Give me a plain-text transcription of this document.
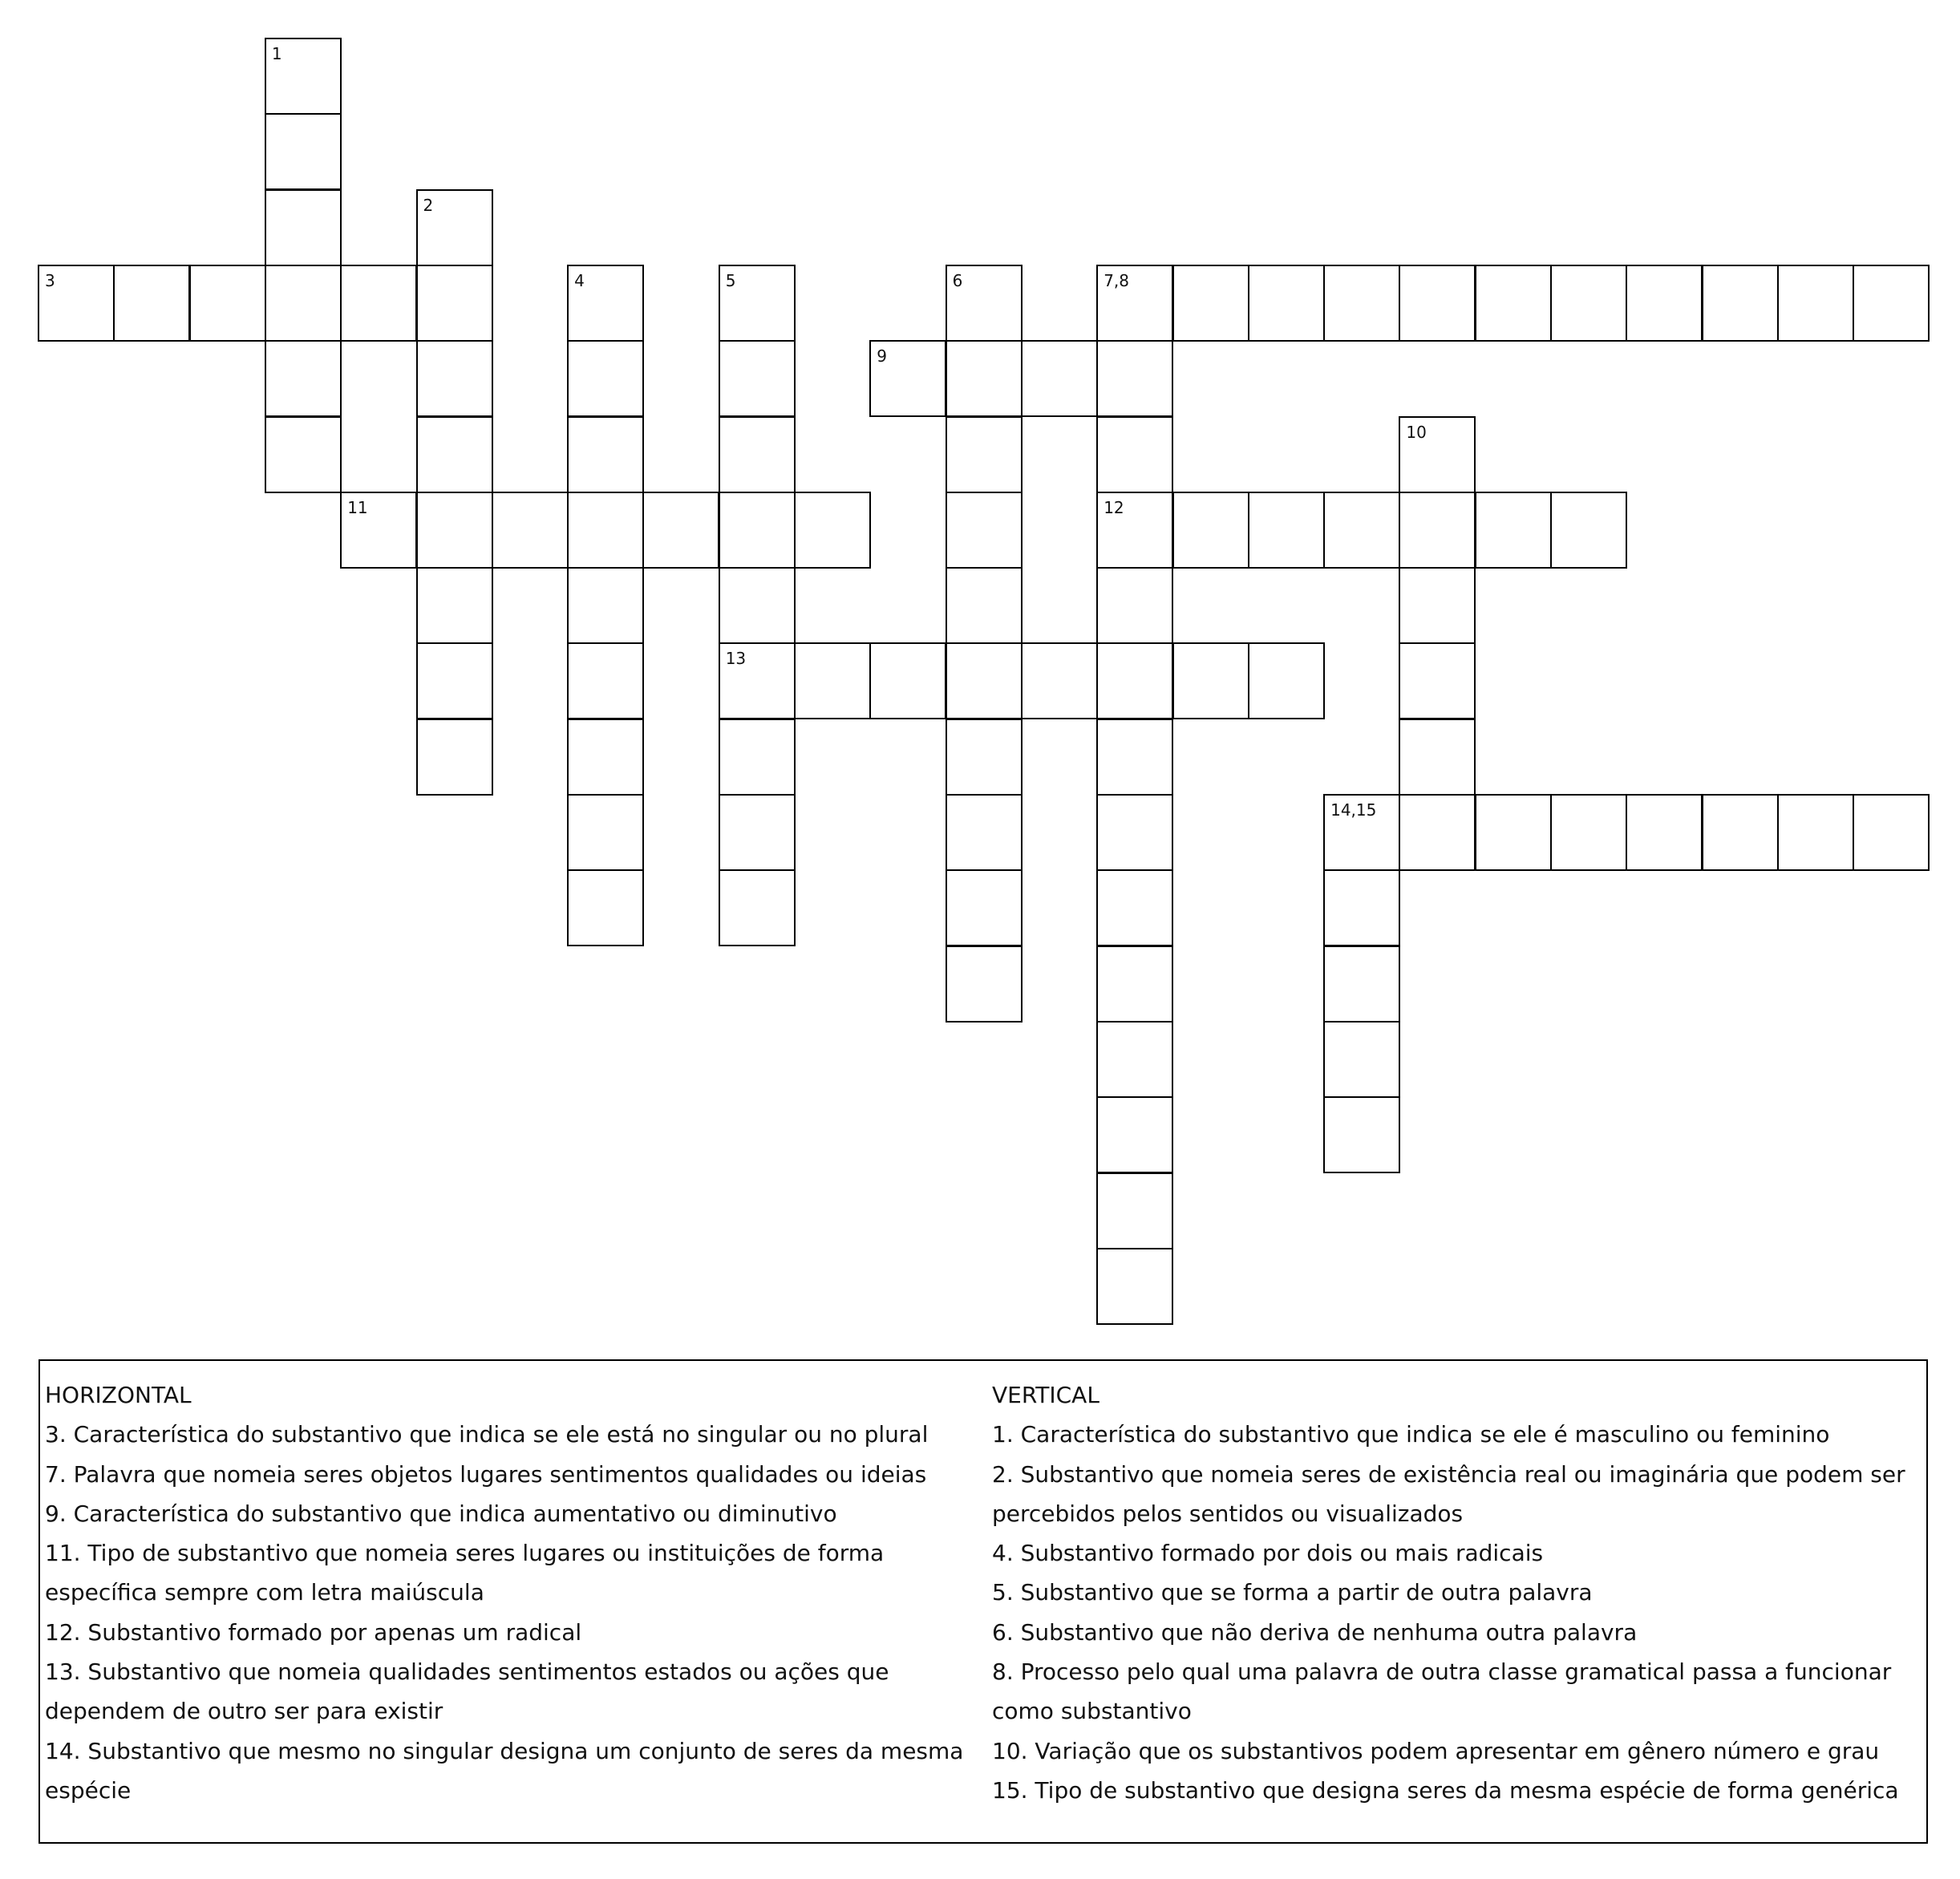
1
2
3	4	5
13
6	7,8
12
9
10
11
14,15
HORIZONTAL
3. Característica do substantivo que indica se ele está no singular ou no plural
7. Palavra que nomeia seres objetos lugares sentimentos qualidades ou ideias
9. Característica do substantivo que indica aumentativo ou diminutivo
11. Tipo de substantivo que nomeia seres lugares ou instituições de forma específica sempre com letra maiúscula
12. Substantivo formado por apenas um radical
13. Substantivo que nomeia qualidades sentimentos estados ou ações que dependem de outro ser para existir
14. Substantivo que mesmo no singular designa um conjunto de seres da mesma espécie
VERTICAL
1. Característica do substantivo que indica se ele é masculino ou feminino
2. Substantivo que nomeia seres de existência real ou imaginária que podem ser percebidos pelos sentidos ou visualizados
4. Substantivo formado por dois ou mais radicais
5. Substantivo que se forma a partir de outra palavra
6. Substantivo que não deriva de nenhuma outra palavra
8. Processo pelo qual uma palavra de outra classe gramatical passa a funcionar como substantivo
10. Variação que os substantivos podem apresentar em gênero número e grau
15. Tipo de substantivo que designa seres da mesma espécie de forma genérica
